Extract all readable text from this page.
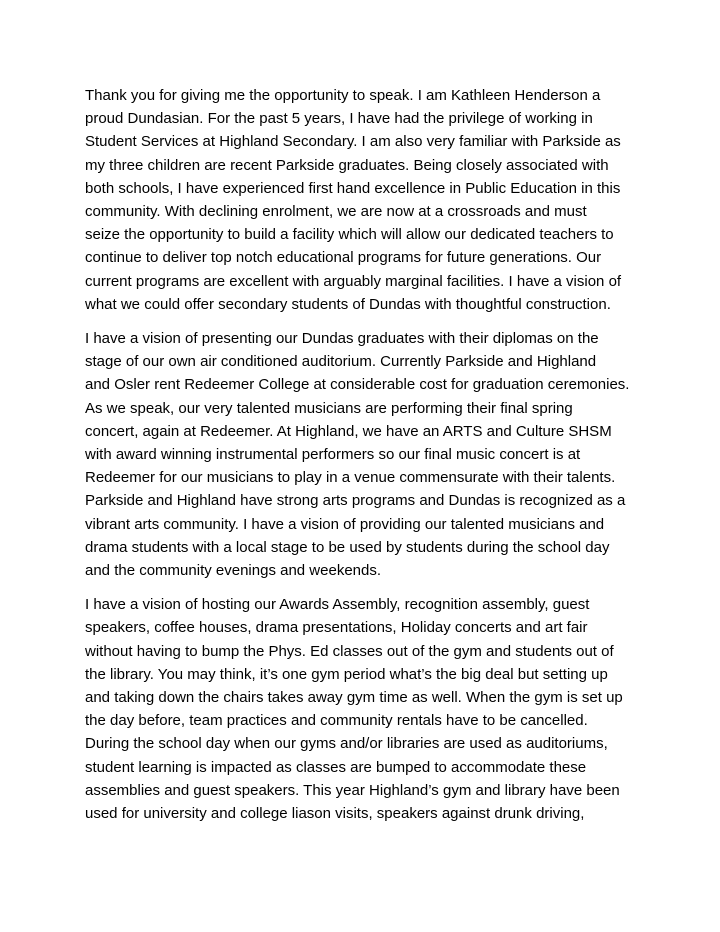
Thank you for giving me the opportunity to speak. I am Kathleen Henderson a
proud Dundasian. For the past 5 years, I have had the privilege of working in
Student Services at Highland Secondary. I am also very familiar with Parkside as
my three children are recent Parkside graduates. Being closely associated with
both schools, I have experienced first hand excellence in Public Education in this
community. With declining enrolment, we are now at a crossroads and must
seize the opportunity to build a facility which will allow our dedicated teachers to
continue to deliver top notch educational programs for future generations. Our
current programs are excellent with arguably marginal facilities. I have a vision of
what we could offer secondary students of Dundas with thoughtful construction.

I have a vision of presenting our Dundas graduates with their diplomas on the
stage of our own air conditioned auditorium. Currently Parkside and Highland
and Osler rent Redeemer College at considerable cost for graduation ceremonies.
As we speak, our very talented musicians are performing their final spring
concert, again at Redeemer. At Highland, we have an ARTS and Culture SHSM
with award winning instrumental performers so our final music concert is at
Redeemer for our musicians to play in a venue commensurate with their talents.
Parkside and Highland have strong arts programs and Dundas is recognized as a
vibrant arts community. I have a vision of providing our talented musicians and
drama students with a local stage to be used by students during the school day
and the community evenings and weekends.

I have a vision of hosting our Awards Assembly, recognition assembly, guest
speakers, coffee houses, drama presentations, Holiday concerts and art fair
without having to bump the Phys. Ed classes out of the gym and students out of
the library. You may think, it’s one gym period what’s the big deal but setting up
and taking down the chairs takes away gym time as well. When the gym is set up
the day before, team practices and community rentals have to be cancelled.
During the school day when our gyms and/or libraries are used as auditoriums,
student learning is impacted as classes are bumped to accommodate these
assemblies and guest speakers. This year Highland’s gym and library have been
used for university and college liason visits, speakers against drunk driving,
